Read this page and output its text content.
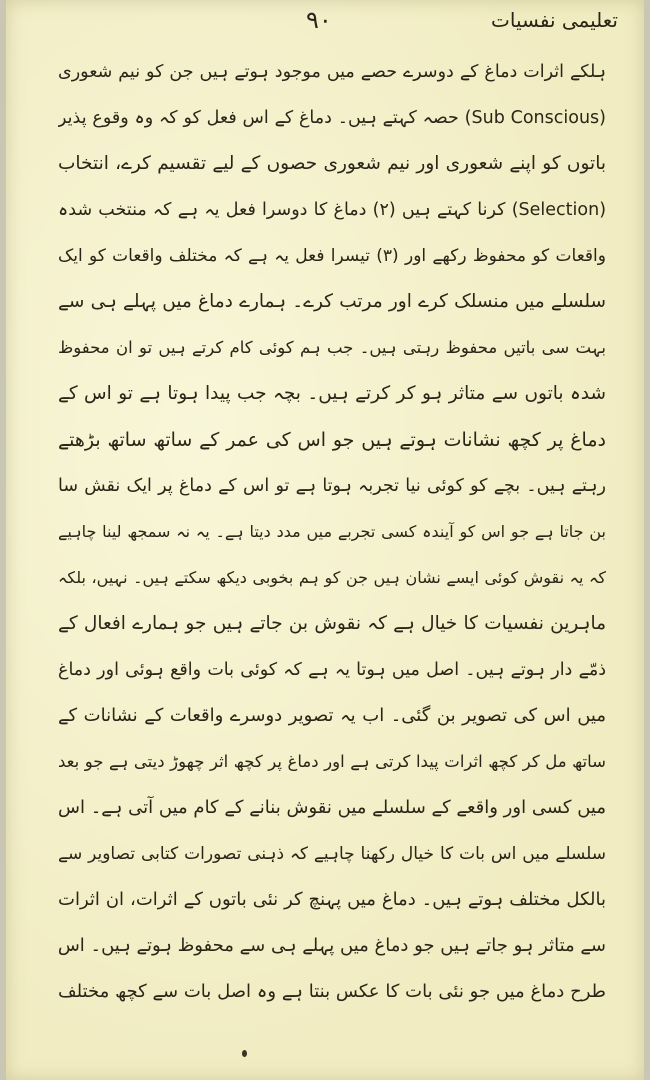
٩٠	تعلیمی نفسیات
ہلکے اثرات دماغ کے دوسرے حصے میں موجود ہوتے ہیں جن کو نیم شعوری
(Sub Conscious) حصہ کہتے ہیں۔ دماغ کے اس فعل کو کہ وہ وقوع پذیر
باتوں کو اپنے شعوری اور نیم شعوری حصوں کے لیے تقسیم کرے، انتخاب
(Selection) کرنا کہتے ہیں (۲) دماغ کا دوسرا فعل یہ ہے کہ منتخب شدہ
واقعات کو محفوظ رکھے اور (۳) تیسرا فعل یہ ہے کہ مختلف واقعات کو ایک
سلسلے میں منسلک کرے اور مرتب کرے۔ ہمارے دماغ میں پہلے ہی سے
بہت سی باتیں محفوظ رہتی ہیں۔ جب ہم کوئی کام کرتے ہیں تو ان محفوظ
شدہ باتوں سے متاثر ہو کر کرتے ہیں۔ بچہ جب پیدا ہوتا ہے تو اس کے
دماغ پر کچھ نشانات ہوتے ہیں جو اس کی عمر کے ساتھ ساتھ بڑھتے
رہتے ہیں۔ بچے کو کوئی نیا تجربہ ہوتا ہے تو اس کے دماغ پر ایک نقش سا
بن جاتا ہے جو اس کو آیندہ کسی تجربے میں مدد دیتا ہے۔ یہ نہ سمجھ لینا چاہیے
کہ یہ نقوش کوئی ایسے نشان ہیں جن کو ہم بخوبی دیکھ سکتے ہیں۔ نہیں، بلکہ
ماہرین نفسیات کا خیال ہے کہ نقوش بن جاتے ہیں جو ہمارے افعال کے
ذمّے دار ہوتے ہیں۔ اصل میں ہوتا یہ ہے کہ کوئی بات واقع ہوئی اور دماغ
میں اس کی تصویر بن گئی۔ اب یہ تصویر دوسرے واقعات کے نشانات کے
ساتھ مل کر کچھ اثرات پیدا کرتی ہے اور دماغ پر کچھ اثر چھوڑ دیتی ہے جو بعد
میں کسی اور واقعے کے سلسلے میں نقوش بنانے کے کام میں آتی ہے۔ اس
سلسلے میں اس بات کا خیال رکھنا چاہیے کہ ذہنی تصورات کتابی تصاویر سے
بالکل مختلف ہوتے ہیں۔ دماغ میں پہنچ کر نئی باتوں کے اثرات، ان اثرات
سے متاثر ہو جاتے ہیں جو دماغ میں پہلے ہی سے محفوظ ہوتے ہیں۔ اس
طرح دماغ میں جو نئی بات کا عکس بنتا ہے وہ اصل بات سے کچھ مختلف
